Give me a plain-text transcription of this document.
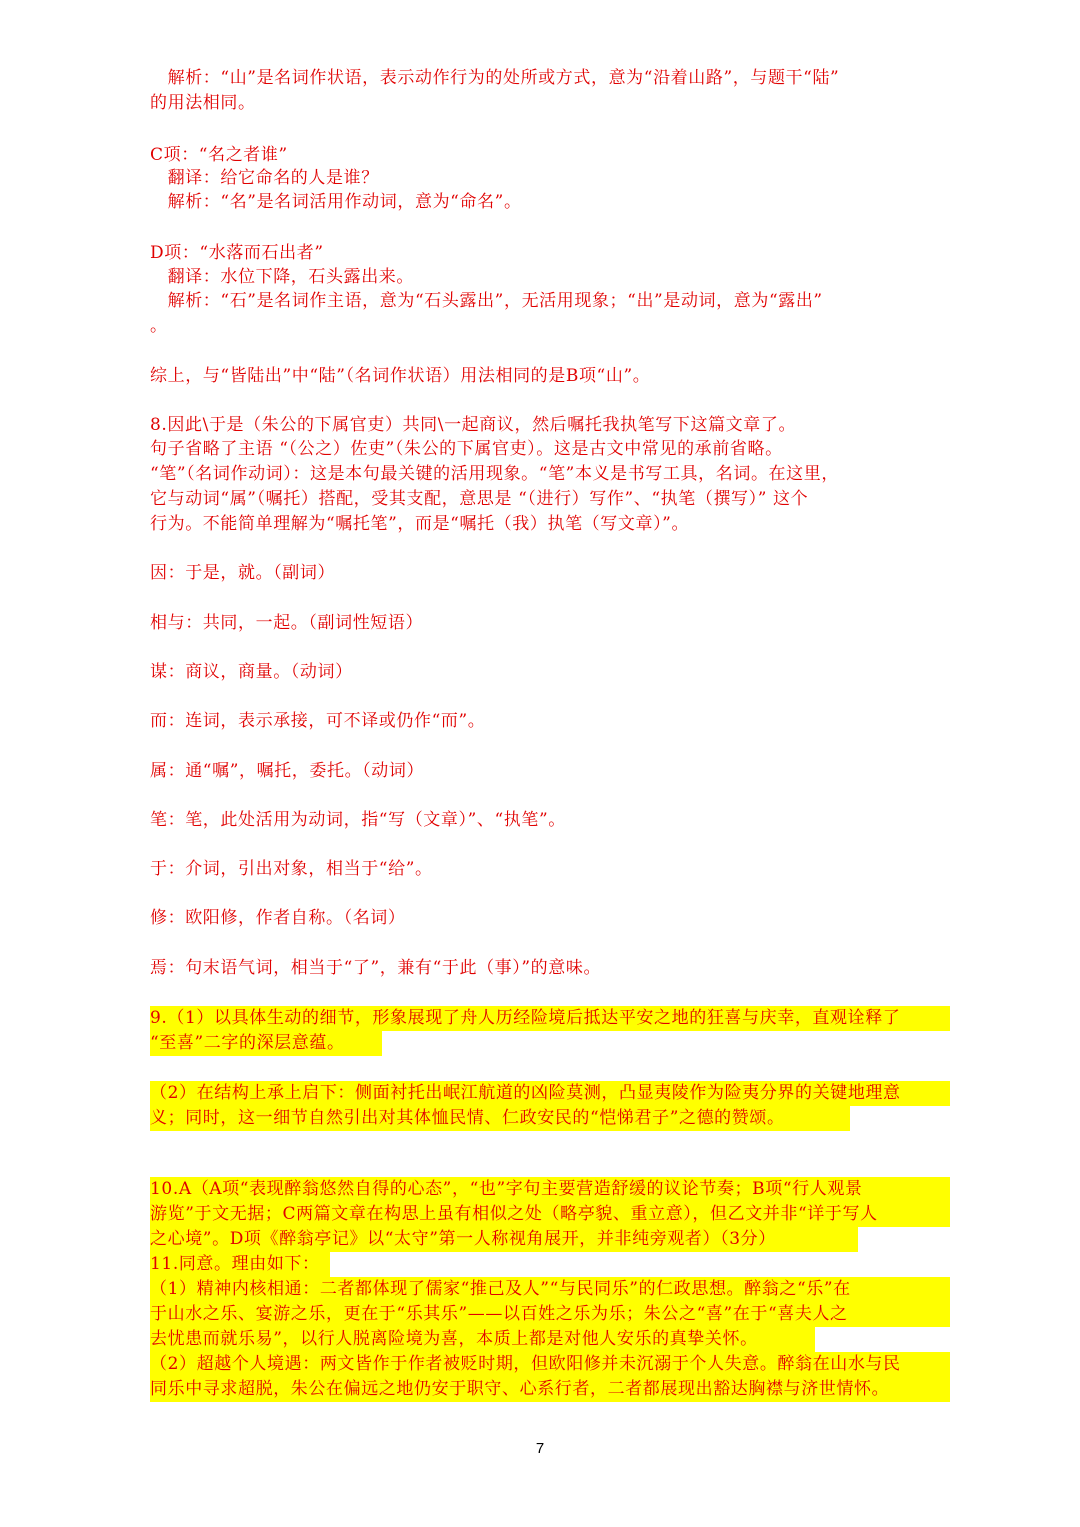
　解析：“山”是名词作状语，表示动作行为的处所或方式，意为“沿着山路”，与题干“陆”
的用法相同。
C项：“名之者谁”
　翻译：给它命名的人是谁？
　解析：“名”是名词活用作动词，意为“命名”。
D项：“水落而石出者”
　翻译：水位下降，石头露出来。
　解析：“石”是名词作主语，意为“石头露出”，无活用现象；“出”是动词，意为“露出”
。
综上，与“皆陆出”中“陆”（名词作状语）用法相同的是B项“山”。
8.因此\于是（朱公的下属官吏）共同\一起商议，然后嘱托我执笔写下这篇文章了。
句子省略了主语 “（公之）佐吏”（朱公的下属官吏）。这是古文中常见的承前省略。
“笔”（名词作动词）：这是本句最关键的活用现象。“笔”本义是书写工具，名词。在这里，
它与动词“属”（嘱托）搭配，受其支配，意思是 “（进行）写作”、“执笔（撰写）” 这个
行为。不能简单理解为“嘱托笔”，而是“嘱托（我）执笔（写文章）”。
因：于是，就。（副词）
相与：共同，一起。（副词性短语）
谋：商议，商量。（动词）
而：连词，表示承接，可不译或仍作“而”。
属：通“嘱”，嘱托，委托。（动词）
笔：笔，此处活用为动词，指“写（文章）”、“执笔”。
于：介词，引出对象，相当于“给”。
修：欧阳修，作者自称。（名词）
焉：句末语气词，相当于“了”，兼有“于此（事）”的意味。
9.（1）以具体生动的细节，形象展现了舟人历经险境后抵达平安之地的狂喜与庆幸，直观诠释了
“至喜”二字的深层意蕴。
（2）在结构上承上启下：侧面衬托出岷江航道的凶险莫测，凸显夷陵作为险夷分界的关键地理意
义；同时，这一细节自然引出对其体恤民情、仁政安民的“恺悌君子”之德的赞颂。
10.A（A项“表现醉翁悠然自得的心态”，“也”字句主要营造舒缓的议论节奏；B项“行人观景
游览”于文无据；C两篇文章在构思上虽有相似之处（略亭貌、重立意），但乙文并非“详于写人
之心境”。D项《醉翁亭记》以“太守”第一人称视角展开，并非纯旁观者）（3分）
11.同意。理由如下：
（1）精神内核相通：二者都体现了儒家“推己及人”“与民同乐”的仁政思想。醉翁之“乐”在
于山水之乐、宴游之乐，更在于“乐其乐”——以百姓之乐为乐；朱公之“喜”在于“喜夫人之
去忧患而就乐易”，以行人脱离险境为喜，本质上都是对他人安乐的真挚关怀。
（2）超越个人境遇：两文皆作于作者被贬时期，但欧阳修并未沉溺于个人失意。醉翁在山水与民
同乐中寻求超脱，朱公在偏远之地仍安于职守、心系行者，二者都展现出豁达胸襟与济世情怀。
7
